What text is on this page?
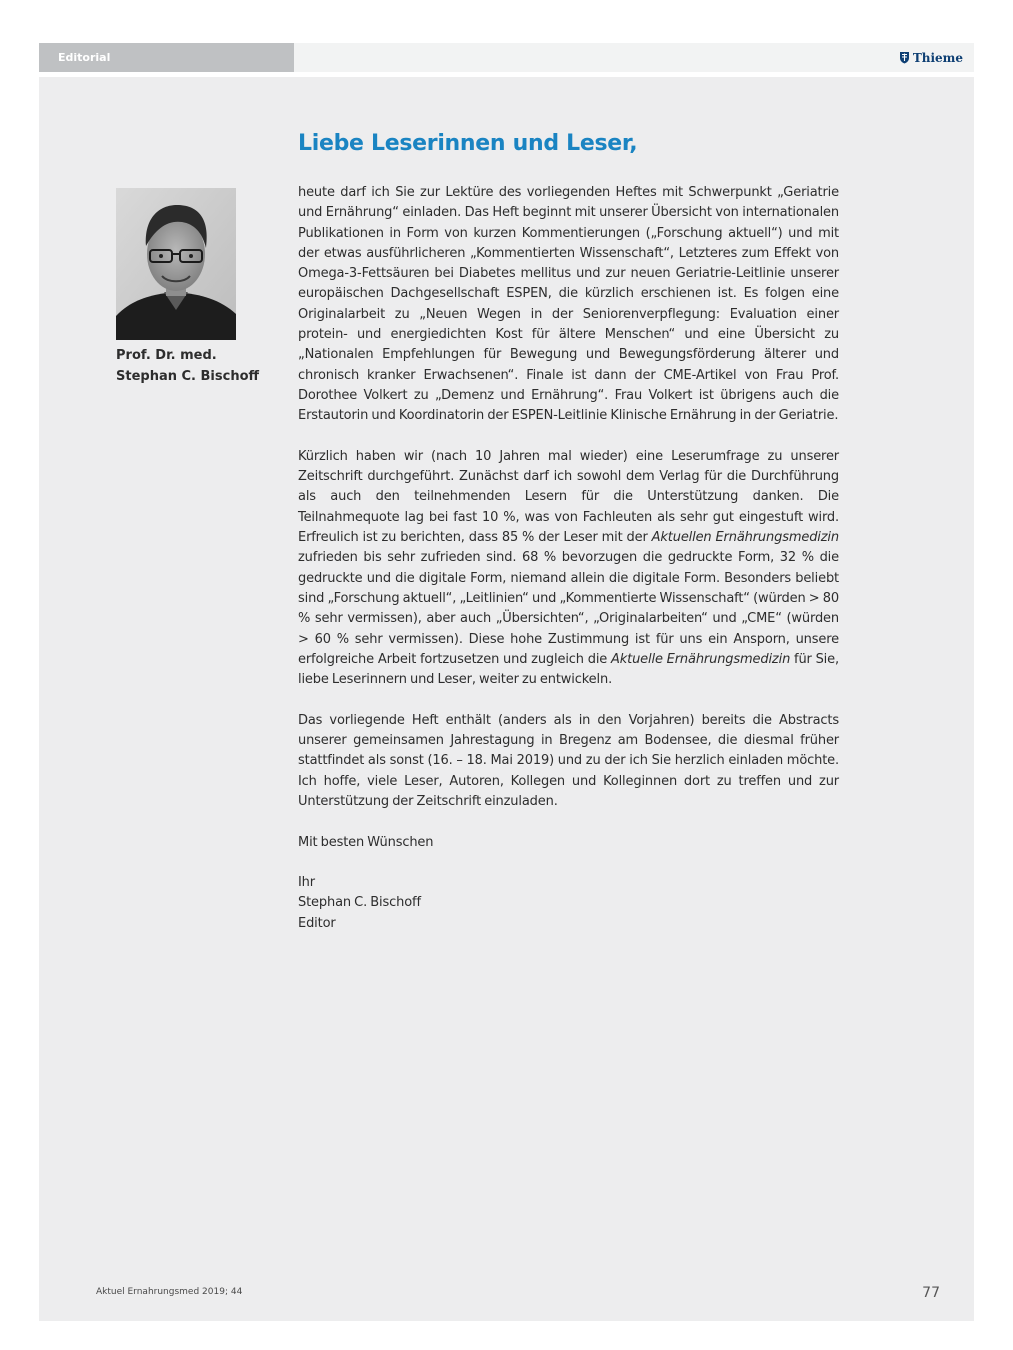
Editorial	Thieme
Liebe Leserinnen und Leser,
Prof. Dr. med.
Stephan C. Bischoff

heute darf ich Sie zur Lektüre des vorliegenden Heftes mit Schwerpunkt „Geriatrie und Ernährung“ einladen. Das Heft beginnt mit unserer Übersicht von internationalen Publikationen in Form von kurzen Kommentierungen („Forschung aktuell“) und mit der etwas ausführlicheren „Kommentierten Wissenschaft“, Letzteres zum Effekt von Omega-3-Fettsäuren bei Diabetes mellitus und zur neuen Geriatrie-Leitlinie unserer europäischen Dachgesellschaft ESPEN, die kürzlich erschienen ist. Es folgen eine Originalarbeit zu „Neuen Wegen in der Seniorenverpflegung: Evaluation einer protein- und energiedichten Kost für ältere Menschen“ und eine Übersicht zu „Nationalen Empfehlungen für Bewegung und Bewegungsförderung älterer und chronisch kranker Erwachsenen“. Finale ist dann der CME-Artikel von Frau Prof. Dorothee Volkert zu „Demenz und Ernährung“. Frau Volkert ist übrigens auch die Erstautorin und Koordinatorin der ESPEN-Leitlinie Klinische Ernährung in der Geriatrie.

Kürzlich haben wir (nach 10 Jahren mal wieder) eine Leserumfrage zu unserer Zeitschrift durchgeführt. Zunächst darf ich sowohl dem Verlag für die Durchführung als auch den teilnehmenden Lesern für die Unterstützung danken. Die Teilnahmequote lag bei fast 10 %, was von Fachleuten als sehr gut eingestuft wird. Erfreulich ist zu berichten, dass 85 % der Leser mit der Aktuellen Ernährungsmedizin zufrieden bis sehr zufrieden sind. 68 % bevorzugen die gedruckte Form, 32 % die gedruckte und die digitale Form, niemand allein die digitale Form. Besonders beliebt sind „Forschung aktuell“, „Leitlinien“ und „Kommentierte Wissenschaft“ (würden > 80 % sehr vermissen), aber auch „Übersichten“, „Originalarbeiten“ und „CME“ (würden > 60 % sehr vermissen). Diese hohe Zustimmung ist für uns ein Ansporn, unsere erfolgreiche Arbeit fortzusetzen und zugleich die Aktuelle Ernährungsmedizin für Sie, liebe Leserinnern und Leser, weiter zu entwickeln.

Das vorliegende Heft enthält (anders als in den Vorjahren) bereits die Abstracts unserer gemeinsamen Jahrestagung in Bregenz am Bodensee, die diesmal früher stattfindet als sonst (16. – 18. Mai 2019) und zu der ich Sie herzlich einladen möchte. Ich hoffe, viele Leser, Autoren, Kollegen und Kolleginnen dort zu treffen und zur Unterstützung der Zeitschrift einzuladen.

Mit besten Wünschen

Ihr

Stephan C. Bischoff

Editor

Aktuel Ernahrungsmed 2019; 44	77
